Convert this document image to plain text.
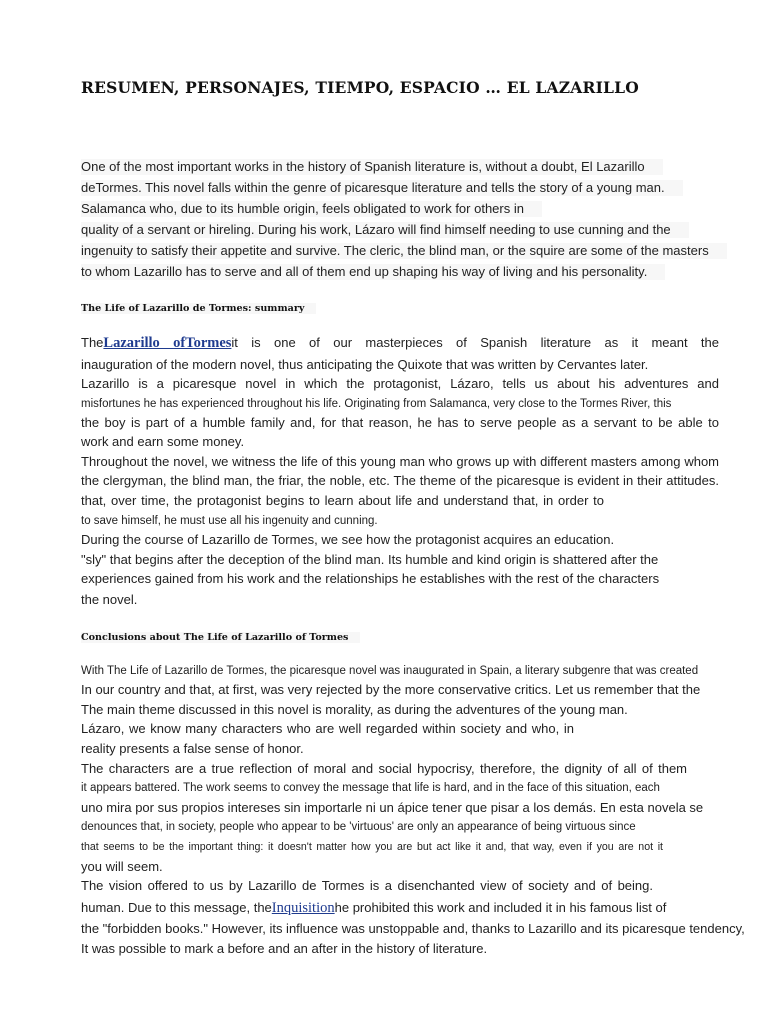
RESUMEN, PERSONAJES, TIEMPO, ESPACIO … EL LAZARILLO
One of the most important works in the history of Spanish literature is, without a doubt, El Lazarillo
deTormes. This novel falls within the genre of picaresque literature and tells the story of a young man.
Salamanca who, due to its humble origin, feels obligated to work for others in
quality of a servant or hireling. During his work, Lázaro will find himself needing to use cunning and the
ingenuity to satisfy their appetite and survive. The cleric, the blind man, or the squire are some of the masters
to whom Lazarillo has to serve and all of them end up shaping his way of living and his personality.
The Life of Lazarillo de Tormes: summary
TheLazarillo ofTormesit is one of our masterpieces of Spanish literature as it meant the
inauguration of the modern novel, thus anticipating the Quixote that was written by Cervantes later.
Lazarillo is a picaresque novel in which the protagonist, Lázaro, tells us about his adventures and
misfortunes he has experienced throughout his life. Originating from Salamanca, very close to the Tormes River, this
the boy is part of a humble family and, for that reason, he has to serve people as a servant to be able to
work and earn some money.
Throughout the novel, we witness the life of this young man who grows up with different masters among whom
the clergyman, the blind man, the friar, the noble, etc. The theme of the picaresque is evident in their attitudes.
that, over time, the protagonist begins to learn about life and understand that, in order to
to save himself, he must use all his ingenuity and cunning.
During the course of Lazarillo de Tormes, we see how the protagonist acquires an education.
"sly" that begins after the deception of the blind man. Its humble and kind origin is shattered after the
experiences gained from his work and the relationships he establishes with the rest of the characters
the novel.
Conclusions about The Life of Lazarillo of Tormes
With The Life of Lazarillo de Tormes, the picaresque novel was inaugurated in Spain, a literary subgenre that was created
In our country and that, at first, was very rejected by the more conservative critics. Let us remember that the
The main theme discussed in this novel is morality, as during the adventures of the young man.
Lázaro, we know many characters who are well regarded within society and who, in
reality presents a false sense of honor.
The characters are a true reflection of moral and social hypocrisy, therefore, the dignity of all of them
it appears battered. The work seems to convey the message that life is hard, and in the face of this situation, each
uno mira por sus propios intereses sin importarle ni un ápice tener que pisar a los demás. En esta novela se
denounces that, in society, people who appear to be 'virtuous' are only an appearance of being virtuous since
that seems to be the important thing: it doesn't matter how you are but act like it and, that way, even if you are not it
you will seem.
The vision offered to us by Lazarillo de Tormes is a disenchanted view of society and of being.
human. Due to this message, theInquisitionhe prohibited this work and included it in his famous list of
the "forbidden books." However, its influence was unstoppable and, thanks to Lazarillo and its picaresque tendency,
It was possible to mark a before and an after in the history of literature.
